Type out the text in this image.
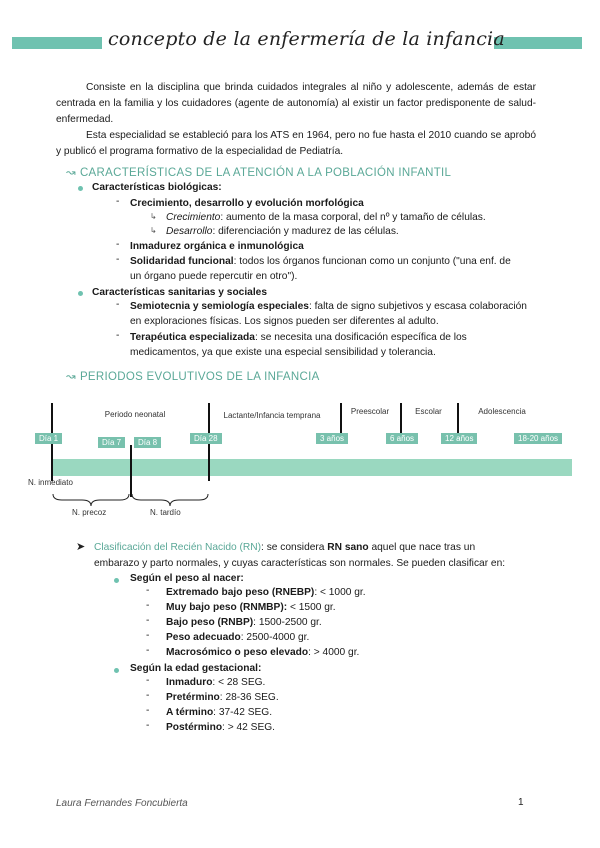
concepto de la enfermería de la infancia
Consiste en la disciplina que brinda cuidados integrales al niño y adolescente, además de estar centrada en la familia y los cuidadores (agente de autonomía) al existir un factor predisponente de salud-enfermedad.
Esta especialidad se estableció para los ATS en 1964, pero no fue hasta el 2010 cuando se aprobó y publicó el programa formativo de la especialidad de Pediatría.
↝ CARACTERÍSTICAS DE LA ATENCIÓN A LA POBLACIÓN INFANTIL
Características biológicas:
- Crecimiento, desarrollo y evolución morfológica
↳ Crecimiento: aumento de la masa corporal, del nº y tamaño de células.
↳ Desarrollo: diferenciación y madurez de las células.
- Inmadurez orgánica e inmunológica
- Solidaridad funcional: todos los órganos funcionan como un conjunto ("una enf. de
un órgano puede repercutir en otro").
Características sanitarias y sociales
- Semiotecnia y semiología especiales: falta de signo subjetivos y escasa colaboración
en exploraciones físicas. Los signos pueden ser diferentes al adulto.
- Terapéutica especializada: se necesita una dosificación específica de los
medicamentos, ya que existe una especial sensibilidad y tolerancia.
↝ PERIODOS EVOLUTIVOS DE LA INFANCIA
Periodo neonatal	Lactante/Infancia temprana	Preescolar	Escolar	Adolescencia
Día 1	Día 7	Día 8	Día 28	3 años	6 años	12 años	18-20 años
N. inmediato
N. precoz	N. tardío
➤ Clasificación del Recién Nacido (RN): se considera RN sano aquel que nace tras un
embarazo y parto normales, y cuyas características son normales. Se pueden clasificar en:
Según el peso al nacer:
- Extremado bajo peso (RNEBP): < 1000 gr.
- Muy bajo peso (RNMBP): < 1500 gr.
- Bajo peso (RNBP): 1500-2500 gr.
- Peso adecuado: 2500-4000 gr.
- Macrosómico o peso elevado: > 4000 gr.
Según la edad gestacional:
- Inmaduro: < 28 SEG.
- Pretérmino: 28-36 SEG.
- A término: 37-42 SEG.
- Postérmino: > 42 SEG.
Laura Fernandes Foncubierta	1
